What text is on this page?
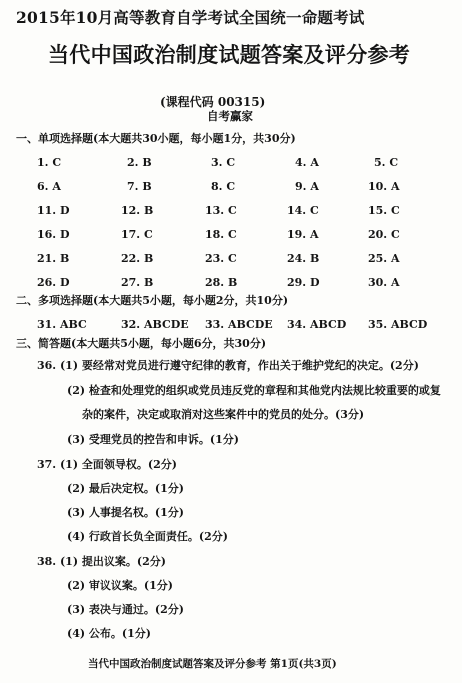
2015年10月高等教育自学考试全国统一命题考试
当代中国政治制度试题答案及评分参考
(课程代码 00315)
自考赢家
一、单项选择题(本大题共30小题，每小题1分，共30分)
1. C	2. B	3. C	4. A	5. C
6. A	7. B	8. C	9. A	10. A
11. D	12. B	13. C	14. C	15. C
16. D	17. C	18. C	19. A	20. C
21. B	22. B	23. C	24. B	25. A
26. D	27. B	28. B	29. D	30. A
二、多项选择题(本大题共5小题，每小题2分，共10分)
31. ABC	32. ABCDE 33. ABCDE 34. ABCD 35. ABCD
三、简答题(本大题共5小题，每小题6分，共30分)
36. (1) 要经常对党员进行遵守纪律的教育，作出关于维护党纪的决定。(2分)
(2) 检查和处理党的组织或党员违反党的章程和其他党内法规比较重要的或复
杂的案件，决定或取消对这些案件中的党员的处分。(3分)
(3) 受理党员的控告和申诉。(1分)
37. (1) 全面领导权。(2分)
(2) 最后决定权。(1分)
(3) 人事提名权。(1分)
(4) 行政首长负全面责任。(2分)
38. (1) 提出议案。(2分)
(2) 审议议案。(1分)
(3) 表决与通过。(2分)
(4) 公布。(1分)
当代中国政治制度试题答案及评分参考 第1页(共3页)
